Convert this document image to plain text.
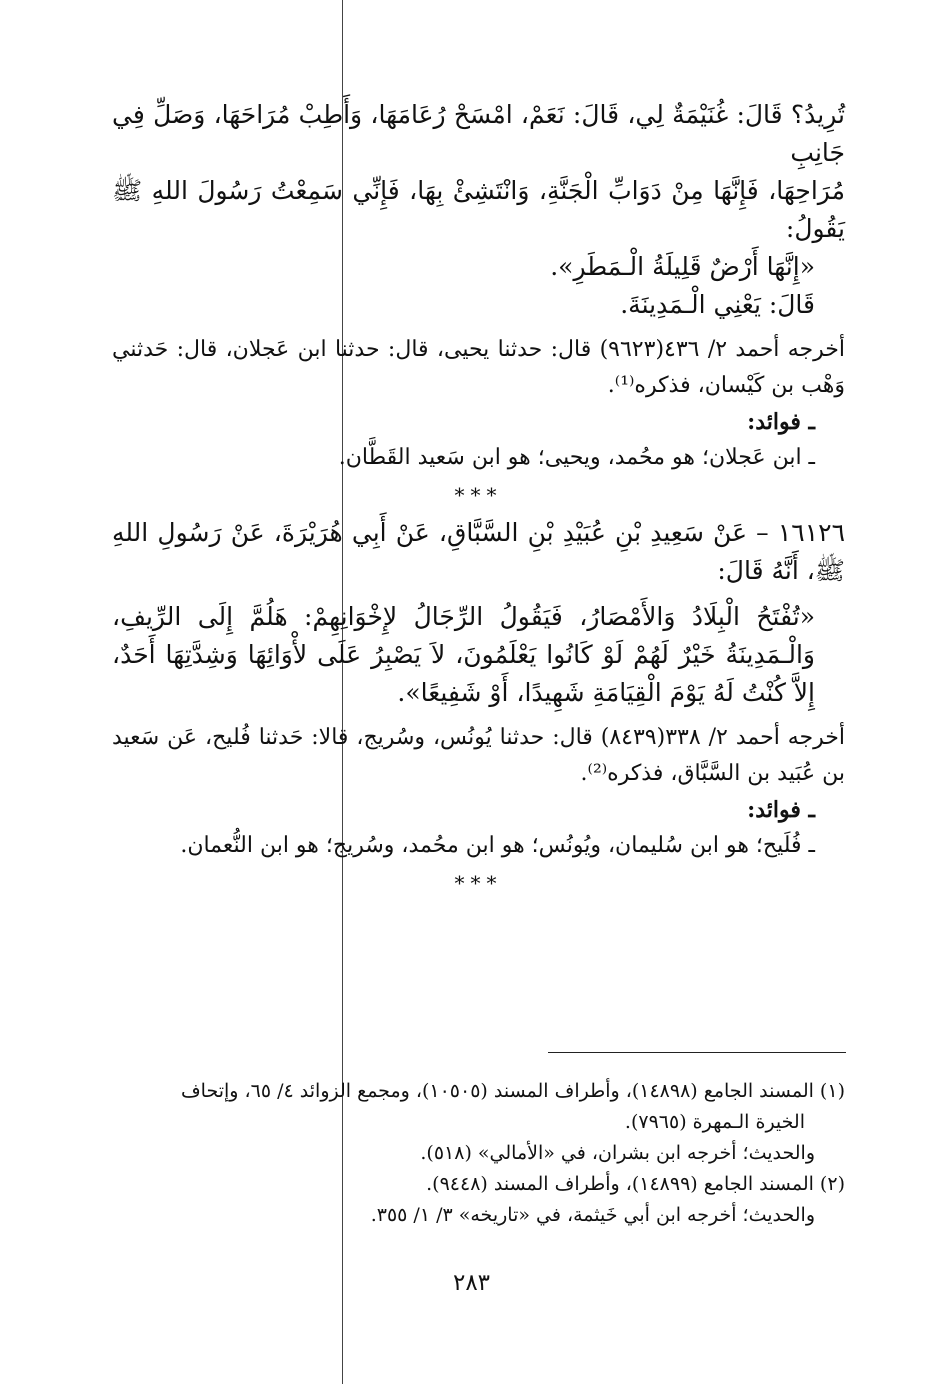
تُرِيدُ؟ قَالَ: غُنَيْمَةٌ لِي، قَالَ: نَعَمْ، امْسَحْ رُعَامَهَا، وَأَطِبْ مُرَاحَهَا، وَصَلِّ فِي جَانِبِ

مُرَاحِهَا، فَإِنَّهَا مِنْ دَوَابِّ الْجَنَّةِ، وَانْتَشِئْ بِهَا، فَإِنِّي سَمِعْتُ رَسُولَ اللهِ ﷺ يَقُولُ:

«إِنَّهَا أَرْضٌ قَلِيلَةُ الْـمَطَرِ».

قَالَ: يَعْنِي الْـمَدِينَةَ.

أخرجه أحمد ٢/ ٤٣٦(٩٦٢٣) قال: حدثنا يحيى، قال: حدثنا ابن عَجلان، قال: حَدثني وَهْب بن كَيْسان، فذكره⁽¹⁾.

ـ فوائد:

ـ ابن عَجلان؛ هو محُمد، ويحيى؛ هو ابن سَعيد القَطَّان.

***

١٦١٢٦ – عَنْ سَعِيدِ بْنِ عُبَيْدِ بْنِ السَّبَّاقِ، عَنْ أَبِي هُرَيْرَةَ، عَنْ رَسُولِ اللهِ ﷺ، أَنَّهُ قَالَ:

«تُفْتَحُ الْبِلَادُ وَالأَمْصَارُ، فَيَقُولُ الرِّجَالُ لإِخْوَانِهِمْ: هَلُمَّ إِلَى الرِّيفِ، وَالْـمَدِينَةُ خَيْرٌ لَهُمْ لَوْ كَانُوا يَعْلَمُونَ، لاَ يَصْبِرُ عَلَى لأْوَائِهَا وَشِدَّتِهَا أَحَدٌ، إِلاَّ كُنْتُ لَهُ يَوْمَ الْقِيَامَةِ شَهِيدًا، أَوْ شَفِيعًا».

أخرجه أحمد ٢/ ٣٣٨(٨٤٣٩) قال: حدثنا يُونُس، وسُريج، قالا: حَدثنا فُليح، عَن سَعيد بن عُبَيد بن السَّبَّاق، فذكره⁽²⁾.

ـ فوائد:

ـ فُلَيح؛ هو ابن سُليمان، ويُونُس؛ هو ابن محُمد، وسُريج؛ هو ابن النُّعمان.

***

(١) المسند الجامع (١٤٨٩٨)، وأطراف المسند (١٠٥٠٥)، ومجمع الزوائد ٤/ ٦٥، وإتحاف

الخيرة الـمهرة (٧٩٦٥).

والحديث؛ أخرجه ابن بشران، في «الأمالي» (٥١٨).

(٢) المسند الجامع (١٤٨٩٩)، وأطراف المسند (٩٤٤٨).

والحديث؛ أخرجه ابن أبي خَيثمة، في «تاريخه» ٣/ ١/ ٣٥٥.

٢٨٣
